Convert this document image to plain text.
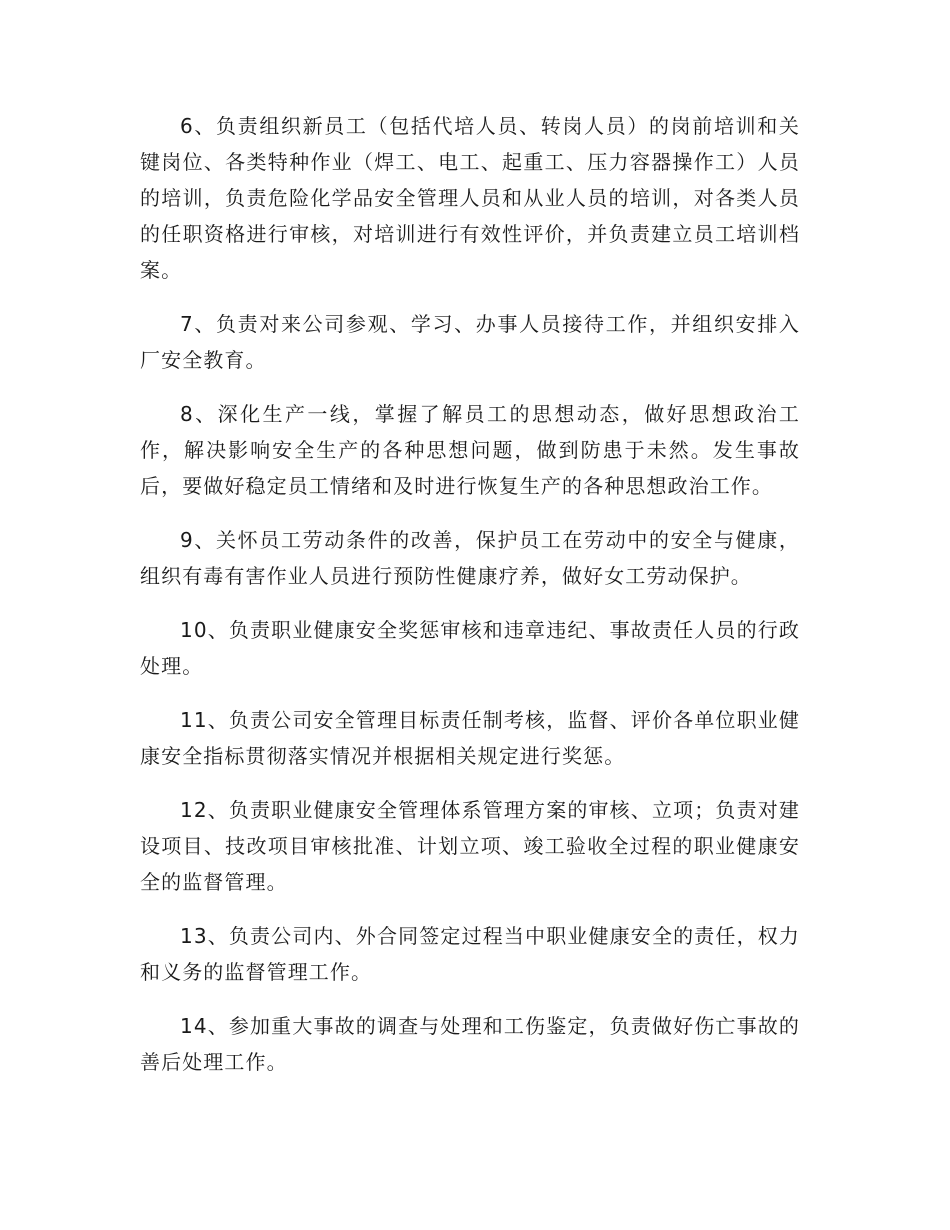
6、负责组织新员工（包括代培人员、转岗人员）的岗前培训和关键岗位、各类特种作业（焊工、电工、起重工、压力容器操作工）人员的培训，负责危险化学品安全管理人员和从业人员的培训，对各类人员的任职资格进行审核，对培训进行有效性评价，并负责建立员工培训档案。

7、负责对来公司参观、学习、办事人员接待工作，并组织安排入厂安全教育。

8、深化生产一线，掌握了解员工的思想动态，做好思想政治工作，解决影响安全生产的各种思想问题，做到防患于未然。发生事故后，要做好稳定员工情绪和及时进行恢复生产的各种思想政治工作。

9、关怀员工劳动条件的改善，保护员工在劳动中的安全与健康，组织有毒有害作业人员进行预防性健康疗养，做好女工劳动保护。

10、负责职业健康安全奖惩审核和违章违纪、事故责任人员的行政处理。

11、负责公司安全管理目标责任制考核，监督、评价各单位职业健康安全指标贯彻落实情况并根据相关规定进行奖惩。

12、负责职业健康安全管理体系管理方案的审核、立项；负责对建设项目、技改项目审核批准、计划立项、竣工验收全过程的职业健康安全的监督管理。

13、负责公司内、外合同签定过程当中职业健康安全的责任，权力和义务的监督管理工作。

14、参加重大事故的调查与处理和工伤鉴定，负责做好伤亡事故的善后处理工作。
